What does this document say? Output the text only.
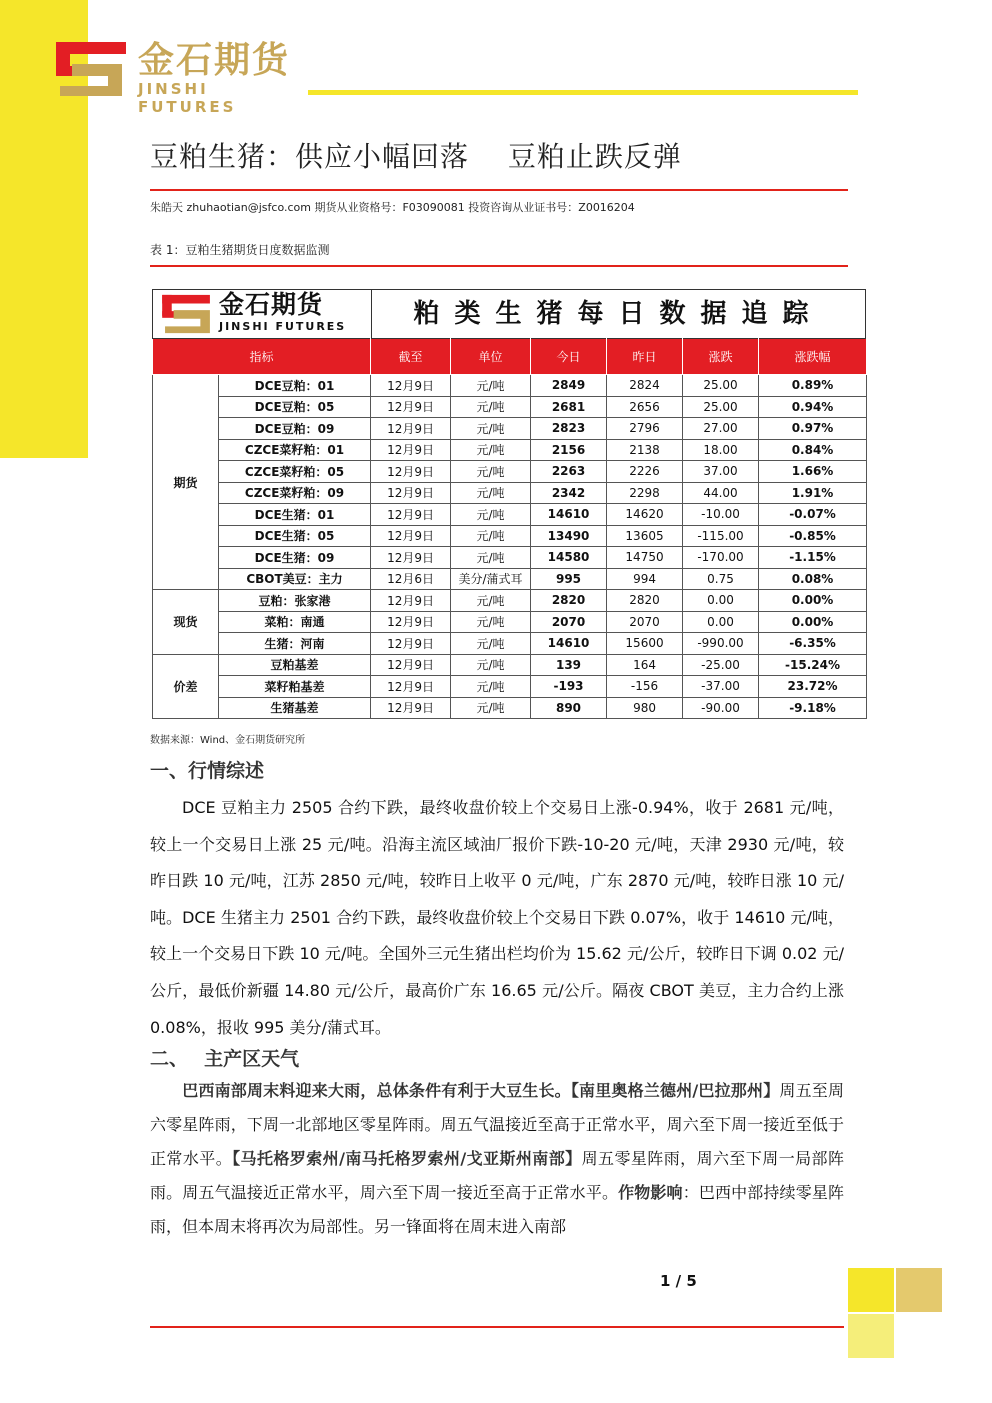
金石期货
JINSHI FUTURES
豆粕生猪：供应小幅回落　 豆粕止跌反弹
朱皓天 zhuhaotian@jsfco.com 期货从业资格号：F03090081 投资咨询从业证书号：Z0016204
表 1：豆粕生猪期货日度数据监测
金石期货
JINSHI FUTURES	粕类生猪每日数据追踪
指标		截至	单位	今日	昨日	涨跌	涨跌幅
期货	DCE豆粕：01	12月9日	元/吨	2849	2824	25.00	0.89%
	DCE豆粕：05	12月9日	元/吨	2681	2656	25.00	0.94%
	DCE豆粕：09	12月9日	元/吨	2823	2796	27.00	0.97%
	CZCE菜籽粕：01	12月9日	元/吨	2156	2138	18.00	0.84%
	CZCE菜籽粕：05	12月9日	元/吨	2263	2226	37.00	1.66%
	CZCE菜籽粕：09	12月9日	元/吨	2342	2298	44.00	1.91%
	DCE生猪：01	12月9日	元/吨	14610	14620	-10.00	-0.07%
	DCE生猪：05	12月9日	元/吨	13490	13605	-115.00	-0.85%
	DCE生猪：09	12月9日	元/吨	14580	14750	-170.00	-1.15%
	CBOT美豆：主力	12月6日	美分/蒲式耳	995	994	0.75	0.08%
现货	豆粕：张家港	12月9日	元/吨	2820	2820	0.00	0.00%
	菜粕：南通	12月9日	元/吨	2070	2070	0.00	0.00%
	生猪：河南	12月9日	元/吨	14610	15600	-990.00	-6.35%
价差	豆粕基差	12月9日	元/吨	139	164	-25.00	-15.24%
	菜籽粕基差	12月9日	元/吨	-193	-156	-37.00	23.72%
	生猪基差	12月9日	元/吨	890	980	-90.00	-9.18%
数据来源：Wind、金石期货研究所
一、行情综述
DCE 豆粕主力 2505 合约下跌，最终收盘价较上个交易日上涨-0.94%，收于 2681 元/吨，较上一个交易日上涨 25 元/吨。沿海主流区域油厂报价下跌-10-20 元/吨，天津 2930 元/吨，较昨日跌 10 元/吨，江苏 2850 元/吨，较昨日上收平 0 元/吨，广东 2870 元/吨，较昨日涨 10 元/吨。DCE 生猪主力 2501 合约下跌，最终收盘价较上个交易日下跌 0.07%，收于 14610 元/吨，较上一个交易日下跌 10 元/吨。全国外三元生猪出栏均价为 15.62 元/公斤，较昨日下调 0.02 元/公斤，最低价新疆 14.80 元/公斤，最高价广东 16.65 元/公斤。隔夜 CBOT 美豆，主力合约上涨 0.08%，报收 995 美分/蒲式耳。
二、　 主产区天气
巴西南部周末料迎来大雨，总体条件有利于大豆生长。【南里奥格兰德州/巴拉那州】周五至周六零星阵雨，下周一北部地区零星阵雨。周五气温接近至高于正常水平，周六至下周一接近至低于正常水平。【马托格罗索州/南马托格罗索州/戈亚斯州南部】周五零星阵雨，周六至下周一局部阵雨。周五气温接近正常水平，周六至下周一接近至高于正常水平。作物影响：巴西中部持续零星阵雨，但本周末将再次为局部性。另一锋面将在周末进入南部
1 / 5
